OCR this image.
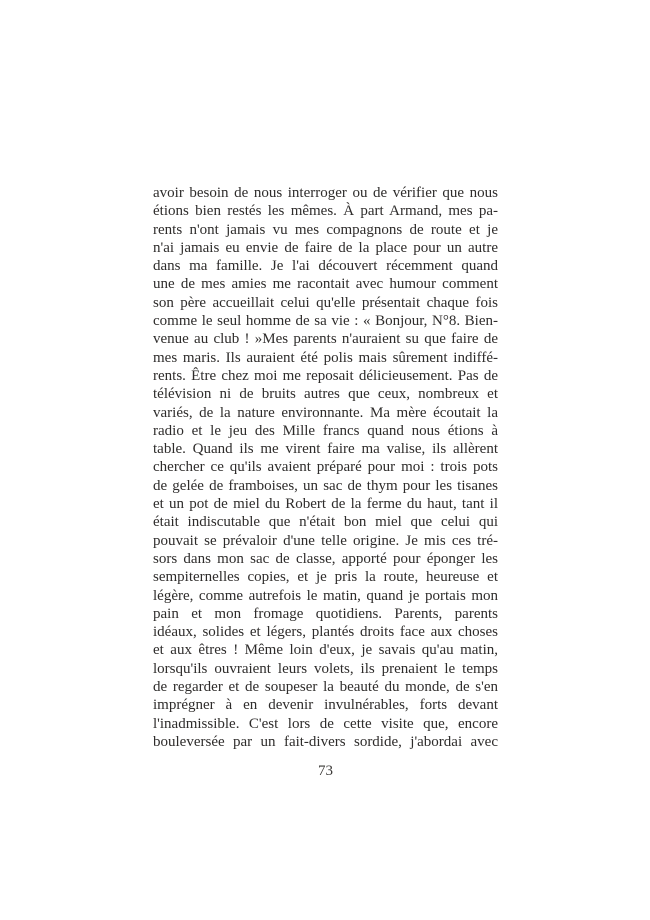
avoir besoin de nous interroger ou de vérifier que nous
étions bien restés les mêmes. À part Armand, mes pa-
rents n'ont jamais vu mes compagnons de route et je
n'ai jamais eu envie de faire de la place pour un autre
dans ma famille. Je l'ai découvert récemment quand
une de mes amies me racontait avec humour comment
son père accueillait celui qu'elle présentait chaque fois
comme le seul homme de sa vie : « Bonjour, N°8. Bien-
venue au club ! »Mes parents n'auraient su que faire de
mes maris. Ils auraient été polis mais sûrement indiffé-
rents. Être chez moi me reposait délicieusement. Pas de
télévision ni de bruits autres que ceux, nombreux et
variés, de la nature environnante. Ma mère écoutait la
radio et le jeu des Mille francs quand nous étions à
table. Quand ils me virent faire ma valise, ils allèrent
chercher ce qu'ils avaient préparé pour moi : trois pots
de gelée de framboises, un sac de thym pour les tisanes
et un pot de miel du Robert de la ferme du haut, tant il
était indiscutable que n'était bon miel que celui qui
pouvait se prévaloir d'une telle origine. Je mis ces tré-
sors dans mon sac de classe, apporté pour éponger les
sempiternelles copies, et je pris la route, heureuse et
légère, comme autrefois le matin, quand je portais mon
pain et mon fromage quotidiens. Parents, parents
idéaux, solides et légers, plantés droits face aux choses
et aux êtres ! Même loin d'eux, je savais qu'au matin,
lorsqu'ils ouvraient leurs volets, ils prenaient le temps
de regarder et de soupeser la beauté du monde, de s'en
imprégner à en devenir invulnérables, forts devant
l'inadmissible. C'est lors de cette visite que, encore
bouleversée par un fait-divers sordide, j'abordai avec
73
